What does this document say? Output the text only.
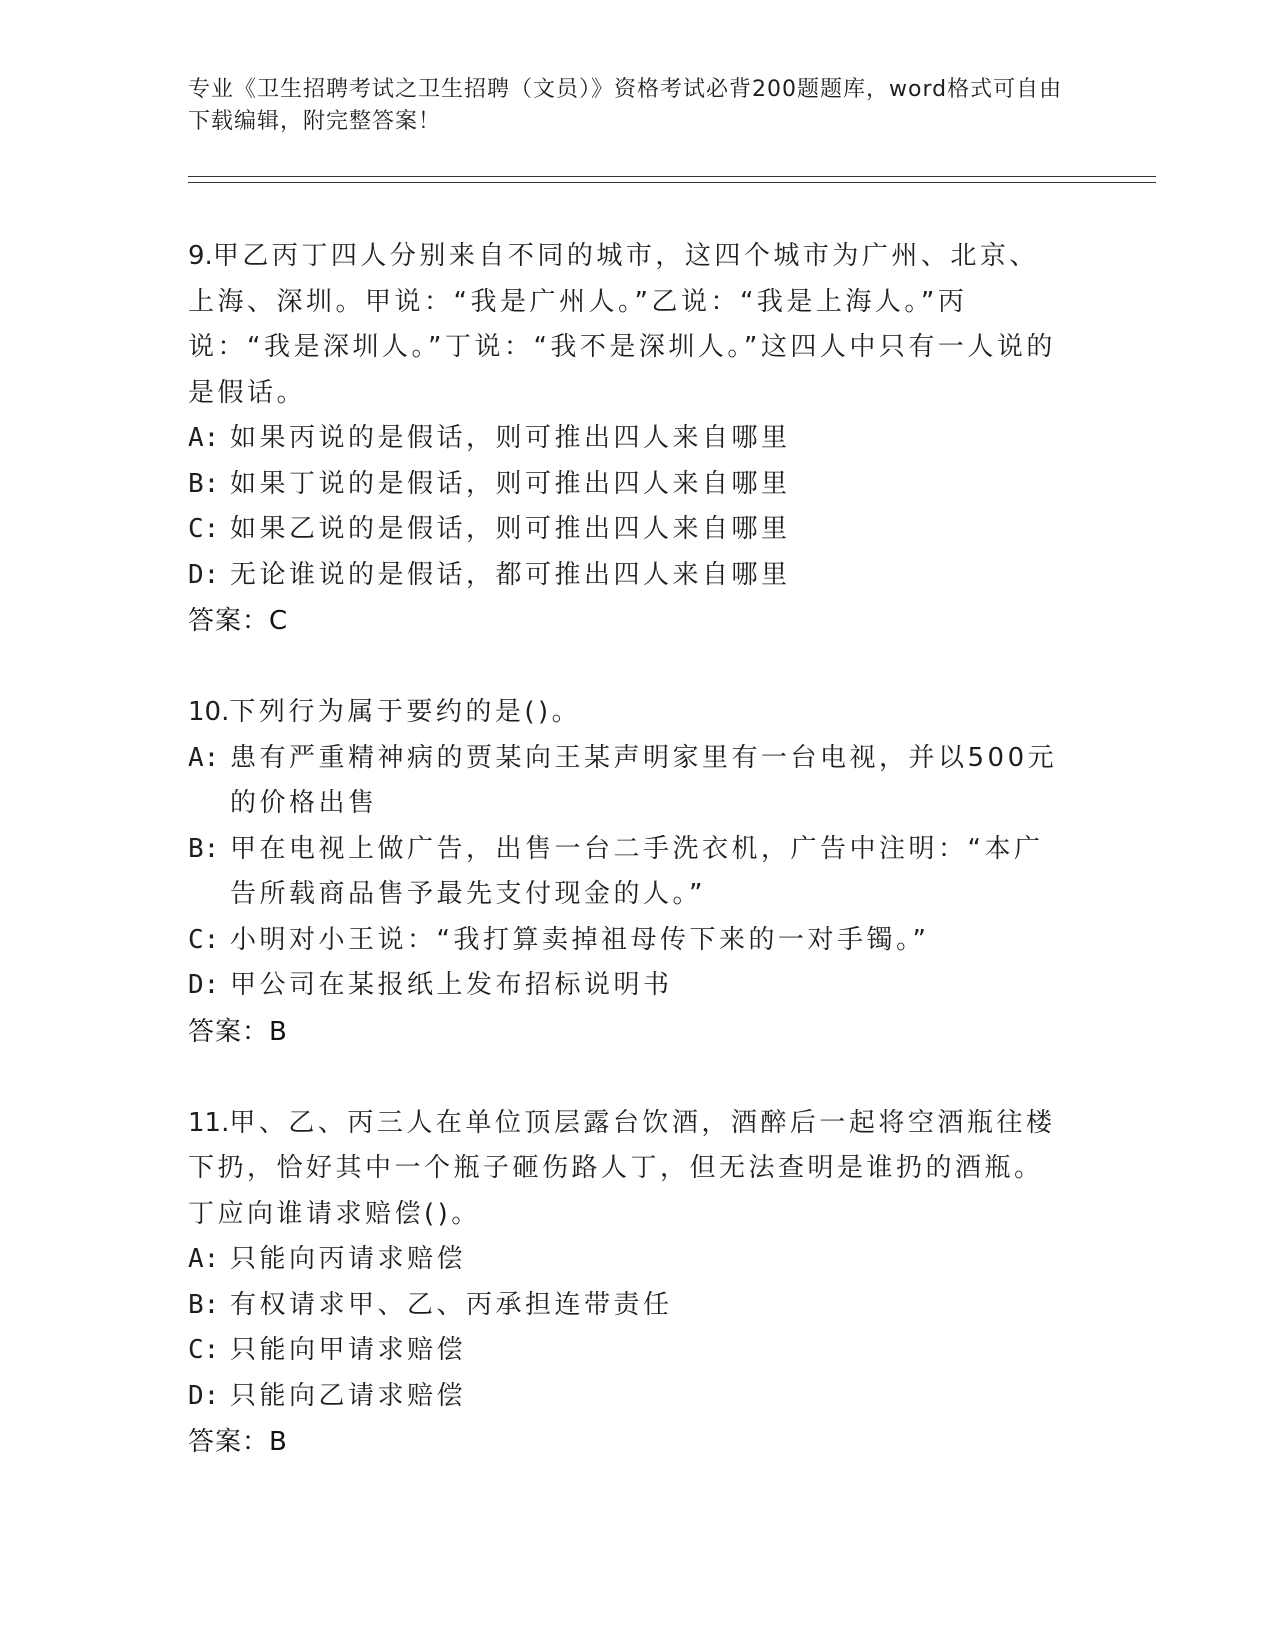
专业《卫生招聘考试之卫生招聘（文员）》资格考试必背200题题库，word格式可自由下载编辑，附完整答案！

9.甲乙丙丁四人分别来自不同的城市，这四个城市为广州、北京、上海、深圳。甲说：“我是广州人。”乙说：“我是上海人。”丙说：“我是深圳人。”丁说：“我不是深圳人。”这四人中只有一人说的是假话。

A: 如果丙说的是假话，则可推出四人来自哪里
B: 如果丁说的是假话，则可推出四人来自哪里
C: 如果乙说的是假话，则可推出四人来自哪里
D: 无论谁说的是假话，都可推出四人来自哪里

答案：C

10.下列行为属于要约的是()。

A: 患有严重精神病的贾某向王某声明家里有一台电视，并以500元的价格出售
B: 甲在电视上做广告，出售一台二手洗衣机，广告中注明：“本广告所载商品售予最先支付现金的人。”
C: 小明对小王说：“我打算卖掉祖母传下来的一对手镯。”
D: 甲公司在某报纸上发布招标说明书

答案：B

11.甲、乙、丙三人在单位顶层露台饮酒，酒醉后一起将空酒瓶往楼下扔，恰好其中一个瓶子砸伤路人丁，但无法查明是谁扔的酒瓶。丁应向谁请求赔偿()。

A: 只能向丙请求赔偿
B: 有权请求甲、乙、丙承担连带责任
C: 只能向甲请求赔偿
D: 只能向乙请求赔偿

答案：B
